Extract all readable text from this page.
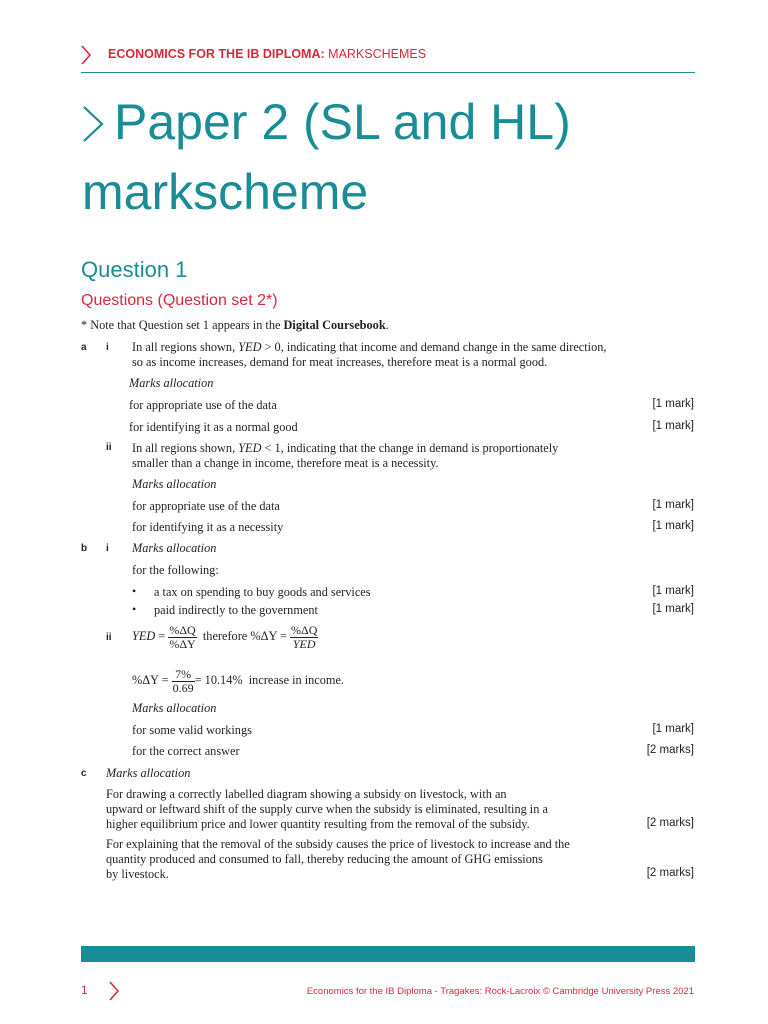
ECONOMICS FOR THE IB DIPLOMA: MARKSCHEMES
Paper 2 (SL and HL)
markscheme
Question 1
Questions (Question set 2*)
* Note that Question set 1 appears in the Digital Coursebook.
a i In all regions shown, YED > 0, indicating that income and demand change in the same direction,
so as income increases, demand for meat increases, therefore meat is a normal good.
Marks allocation
for appropriate use of the data	[1 mark]
for identifying it as a normal good	[1 mark]
ii In all regions shown, YED < 1, indicating that the change in demand is proportionately
smaller than a change in income, therefore meat is a necessity.
Marks allocation
for appropriate use of the data	[1 mark]
for identifying it as a necessity	[1 mark]
b i Marks allocation
for the following:
• a tax on spending to buy goods and services	[1 mark]
• paid indirectly to the government	[1 mark]
ii YED = $\frac{\%\Delta Q}{\%\Delta Y}$ therefore $\%\Delta Y = \frac{\%\Delta Q}{\text{YED}}$
$\%\Delta Y = \frac{7\%}{0.69} = 10.14\%$ increase in income.
Marks allocation
for some valid workings	[1 mark]
for the correct answer	[2 marks]
c Marks allocation
For drawing a correctly labelled diagram showing a subsidy on livestock, with an
upward or leftward shift of the supply curve when the subsidy is eliminated, resulting in a
higher equilibrium price and lower quantity resulting from the removal of the subsidy.	[2 marks]
For explaining that the removal of the subsidy causes the price of livestock to increase and the
quantity produced and consumed to fall, thereby reducing the amount of GHG emissions
by livestock.	[2 marks]
1	Economics for the IB Diploma - Tragakes: Rock-Lacroix © Cambridge University Press 2021
